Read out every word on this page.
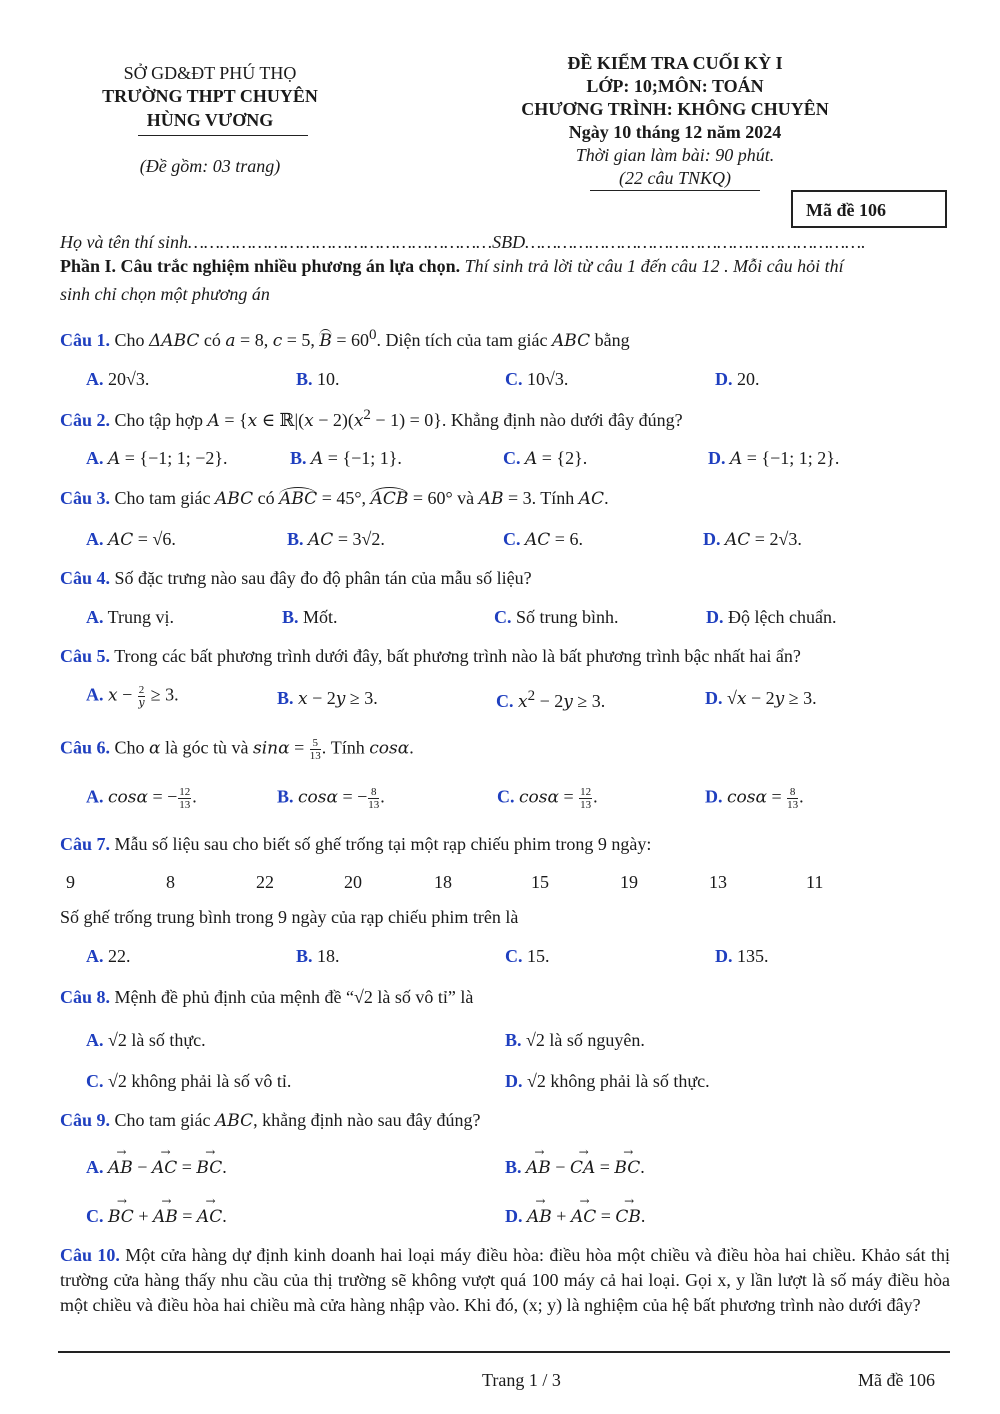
SỞ GD&ĐT PHÚ THỌ
TRƯỜNG THPT CHUYÊN
HÙNG VƯƠNG
(Đề gồm: 03 trang)
ĐỀ KIỂM TRA CUỐI KỲ I
LỚP: 10;MÔN: TOÁN
CHƯƠNG TRÌNH: KHÔNG CHUYÊN
Ngày 10 tháng 12 năm 2024
Thời gian làm bài: 90 phút.
(22 câu TNKQ)
Mã đề 106
Họ và tên thí sinh…………………………………………………SBD……………………………………………………….
Phần I. Câu trắc nghiệm nhiều phương án lựa chọn. Thí sinh trả lời từ câu 1 đến câu 12 . Mỗi câu hỏi thí
sinh chỉ chọn một phương án
Câu 1. Cho ΔABC có a = 8, c = 5, $B = 60^0$. Diện tích của tam giác ABC bằng
A. 20√3.	B. 10.	C. 10√3.	D. 20.
Câu 2. Cho tập hợp A = {x ∈ ℝ|(x − $2)(x^2 - 1) = 0$}. Khẳng định nào dưới đây đúng?
A. A = {−1; 1; −2}.	B. A = {−1; 1}.	C. A = {2}.	D. A = {−1; 1; 2}.
Câu 3. Cho tam giác ABC có ABC = 45°, ACB = 60° và AB = 3. Tính AC.
A. AC = √6.	B. AC = 3√2.	C. AC = 6.	D. AC = 2√3.
Câu 4. Số đặc trưng nào sau đây đo độ phân tán của mẫu số liệu?
A. Trung vị.	B. Mốt.	C. Số trung bình.	D. Độ lệch chuẩn.
Câu 5. Trong các bất phương trình dưới đây, bất phương trình nào là bất phương trình bậc nhất hai ẩn?
A. $x - \frac{2}{y} \ge 3$.	B. x − 2y ≥ 3.	C. $x^2 - 2y \ge 3$.	D. √x − 2y ≥ 3.
Câu 6. Cho α là góc tù và $\sin\alpha = \frac{5}{13}$ . Tính cosα.
A. cosα = − $\frac{12}{13}$ .	B. cosα = − $\frac{8}{13}$ .	C. $\cos\alpha = \frac{12}{13}$ .	D. $\cos\alpha = \frac{8}{13}$ .
Câu 7. Mẫu số liệu sau cho biết số ghế trống tại một rạp chiếu phim trong 9 ngày:
9	8	22	20	18	15	19	13	11
Số ghế trống trung bình trong 9 ngày của rạp chiếu phim trên là
A. 22.	B. 18.	C. 15.	D. 135.
Câu 8. Mệnh đề phủ định của mệnh đề “√2 là số vô tỉ” là
A. √2 là số thực.	B. √2 là số nguyên.
C. √2 không phải là số vô tỉ.	D. √2 không phải là số thực.
Câu 9. Cho tam giác ABC, khẳng định nào sau đây đúng?
A. AB
→
− AC
→
= BC
→
.	B. AB
→
− CA
→
= BC
→
.
C. BC
→
+ AB
→
= AC
→
.	D. AB
→
+ AC
→
= CB
→
.
Câu 10. Một cửa hàng dự định kinh doanh hai loại máy điều hòa: điều hòa một chiều và điều hòa hai chiều. Khảo sát thị trường cửa hàng thấy nhu cầu của thị trường sẽ không vượt quá 100 máy cả hai loại. Gọi x, y lần lượt là số máy điều hòa một chiều và điều hòa hai chiều mà cửa hàng nhập vào. Khi đó, (x; y) là nghiệm của hệ bất phương trình nào dưới đây?
Trang 1 / 3	Mã đề 106
